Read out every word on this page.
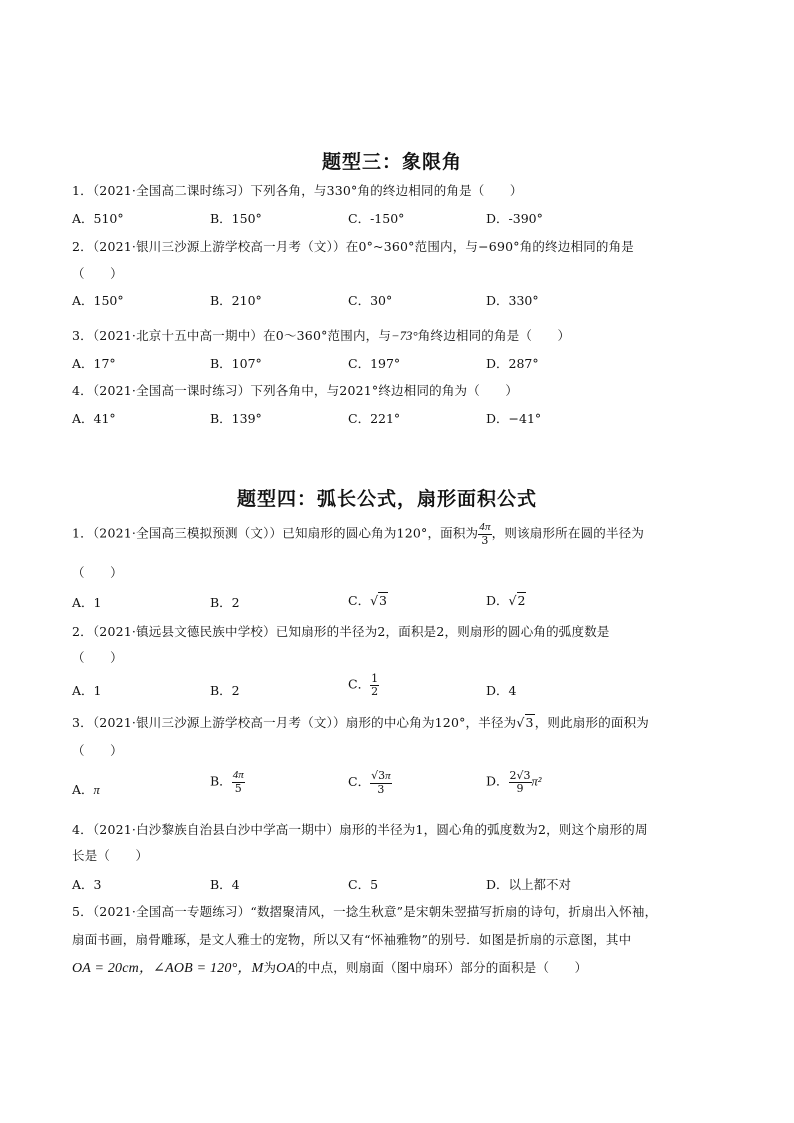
题型三：象限角
1．（2021·全国高二课时练习）下列各角，与330°角的终边相同的角是（　　）
A．510°	B．150°	C．-150°	D．-390°
2．（2021·银川三沙源上游学校高一月考（文））在0°~360°范围内，与−690°角的终边相同的角是
（　　）
A．150°	B．210°	C．30°	D．330°
3．（2021·北京十五中高一期中）在0～360°范围内，与−73°角终边相同的角是（　　）
A．17°	B．107°	C．197°	D．287°
4．（2021·全国高一课时练习）下列各角中，与2021°终边相同的角为（　　）
A．41°	B．139°	C．221°	D．−41°
题型四：弧长公式，扇形面积公式
1．（2021·全国高三模拟预测（文））已知扇形的圆心角为120°，面积为 $\frac{4\pi}{3}$ ，则该扇形所在圆的半径为
（　　）
A．1	B．2	C．√3	D．√2
2．（2021·镇远县文德民族中学校）已知扇形的半径为2，面积是2，则扇形的圆心角的弧度数是
（　　）
A．1	B．2	C． $\frac{1}{2}$	D．4
3．（2021·银川三沙源上游学校高一月考（文））扇形的中心角为120°，半径为√3，则此扇形的面积为
（　　）
A．π
B． $\frac{4\pi}{5}$	C． $\frac{√3\pi}{3}$	D． $\frac{2√3}{9} \pi^2$
4．（2021·白沙黎族自治县白沙中学高一期中）扇形的半径为1，圆心角的弧度数为2，则这个扇形的周
长是（　　）
A．3	B．4	C．5	D．以上都不对
5．（2021·全国高一专题练习）“数摺聚清风，一捻生秋意”是宋朝朱翌描写折扇的诗句，折扇出入怀袖，
扇面书画，扇骨雕琢，是文人雅士的宠物，所以又有“怀袖雅物”的别号．如图是折扇的示意图，其中
OA = 20cm，∠AOB = 120°，M为OA的中点，则扇面（图中扇环）部分的面积是（　　）
